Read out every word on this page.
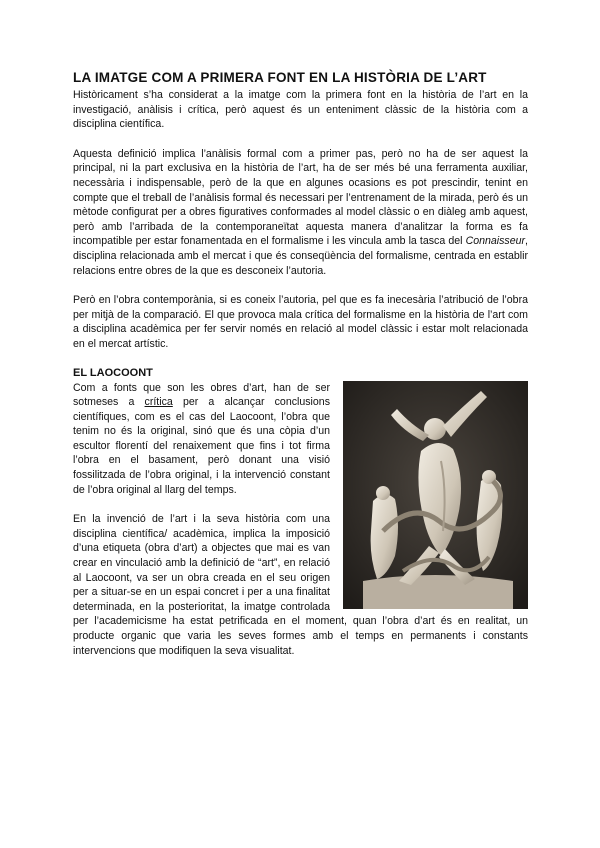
LA IMATGE COM A PRIMERA FONT EN LA HISTÒRIA DE L’ART

Històricament s’ha considerat a la imatge com la primera font en la història de l’art en la investigació, anàlisis i crítica, però aquest és un enteniment clàssic de la història com a disciplina científica.

Aquesta definició implica l’anàlisis formal com a primer pas, però no ha de ser aquest la principal, ni la part exclusiva en la història de l’art, ha de ser més bé una ferramenta auxiliar, necessària i indispensable, però de la que en algunes ocasions es pot prescindir, tenint en compte que el treball de l’anàlisis formal és necessari per l’entrenament de la mirada, però és un mètode configurat per a obres figuratives conformades al model clàssic o en diàleg amb aquest, però amb l’arribada de la contemporaneïtat aquesta manera d’analitzar la forma es fa incompatible per estar fonamentada en el formalisme i les vincula amb la tasca del Connaisseur, disciplina relacionada amb el mercat i que és conseqüència del formalisme, centrada en establir relacions entre obres de la que es desconeix l’autoria.

Però en l’obra contemporània, si es coneix l’autoria, pel que es fa inecesària l’atribució de l’obra per mitjà de la comparació. El que provoca mala crítica del formalisme en la història de l’art com a disciplina acadèmica per fer servir només en relació al model clàssic i estar molt relacionada en el mercat artístic.

EL LAOCOONT

Com a fonts que son les obres d’art, han de ser sotmeses a crítica per a alcançar conclusions científiques, com es el cas del Laocoont, l’obra que tenim no és la original, sinó que és una còpia d’un escultor florentí del renaixement que fins i tot firma l’obra en el basament, però donant una visió fossilitzada de l’obra original, i la intervenció constant de l’obra original al llarg del temps.

En la invenció de l’art i la seva història com una disciplina científica/ acadèmica, implica la imposició d’una etiqueta (obra d’art) a objectes que mai es van crear en vinculació amb la definició de “art”, en relació al Laocoont, va ser un obra creada en el seu origen per a situar-se en un espai concret i per a una finalitat determinada, en la posterioritat, la imatge controlada per l’academicisme ha estat petrificada en el moment, quan l’obra d’art és en realitat, un producte organic que varia les seves formes amb el temps en permanents i constants intervencions que modifiquen la seva visualitat.
